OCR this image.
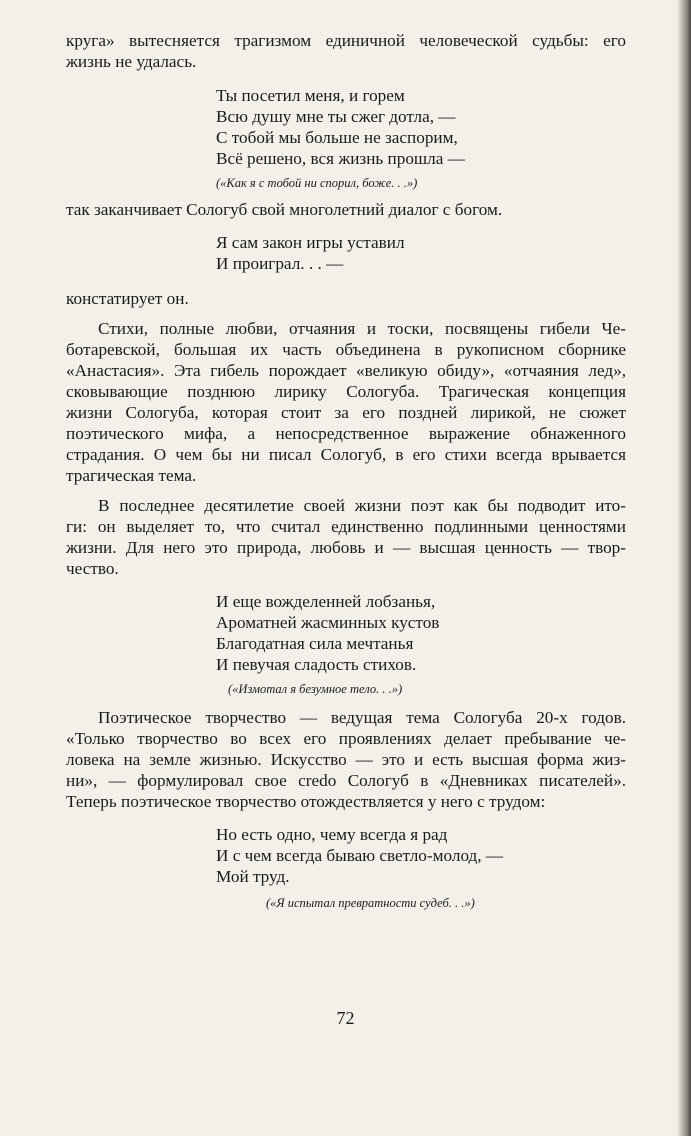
круга» вытесняется трагизмом единичной человеческой судьбы: его
жизнь не удалась.
Ты посетил меня, и горем
Всю душу мне ты сжег дотла, —
С тобой мы больше не заспорим,
Всё решено, вся жизнь прошла —
(«Как я с тобой ни спорил, боже. . .»)
так заканчивает Сологуб свой многолетний диалог с богом.
Я сам закон игры уставил
И проиграл. . . —
констатирует он.
Стихи, полные любви, отчаяния и тоски, посвящены гибели Че-
ботаревской, большая их часть объединена в рукописном сборнике
«Анастасия». Эта гибель порождает «великую обиду», «отчаяния лед»,
сковывающие позднюю лирику Сологуба. Трагическая концепция
жизни Сологуба, которая стоит за его поздней лирикой, не сюжет
поэтического мифа, а непосредственное выражение обнаженного
страдания. О чем бы ни писал Сологуб, в его стихи всегда врывается
трагическая тема.
В последнее десятилетие своей жизни поэт как бы подводит ито-
ги: он выделяет то, что считал единственно подлинными ценностями
жизни. Для него это природа, любовь и — высшая ценность — твор-
чество.
И еще вожделенней лобзанья,
Ароматней жасминных кустов
Благодатная сила мечтанья
И певучая сладость стихов.
(«Измотал я безумное тело. . .»)
Поэтическое творчество — ведущая тема Сологуба 20-х годов.
«Только творчество во всех его проявлениях делает пребывание че-
ловека на земле жизнью. Искусство — это и есть высшая форма жиз-
ни», — формулировал свое credo Сологуб в «Дневниках писателей».
Теперь поэтическое творчество отождествляется у него с трудом:
Но есть одно, чему всегда я рад
И с чем всегда бываю светло-молод, —
Мой труд.
(«Я испытал превратности судеб. . .»)
72
